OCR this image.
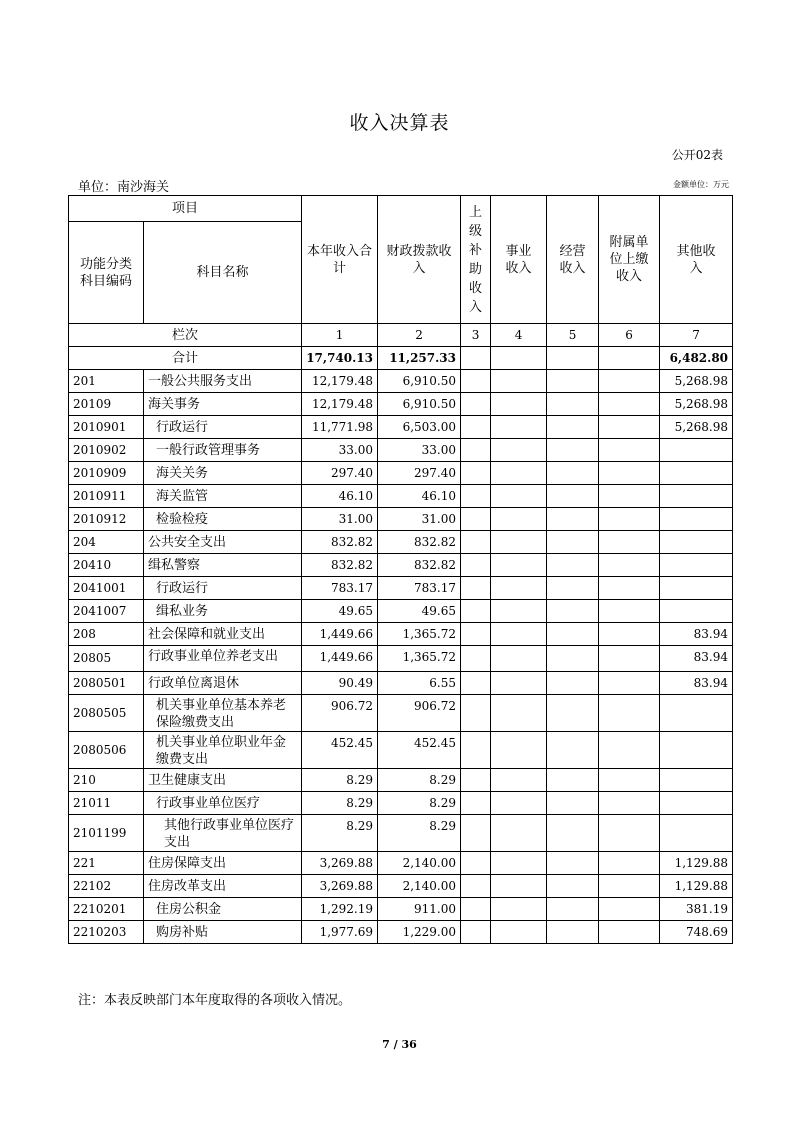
收入决算表
公开02表
单位：南沙海关	金额单位：万元
项目		本年收入合计	财政拨款收入	上级补助收入	事业收入	经营收入	附属单位上缴收入	其他收入
功能分类科目编码	科目名称							
栏次		1	2	3	4	5	6	7
合计		17,740.13	11,257.33					6,482.80
201	一般公共服务支出	12,179.48	6,910.50					5,268.98
20109	海关事务	12,179.48	6,910.50					5,268.98
2010901	行政运行	11,771.98	6,503.00					5,268.98
2010902	一般行政管理事务	33.00	33.00					
2010909	海关关务	297.40	297.40					
2010911	海关监管	46.10	46.10					
2010912	检验检疫	31.00	31.00					
204	公共安全支出	832.82	832.82					
20410	缉私警察	832.82	832.82					
2041001	行政运行	783.17	783.17					
2041007	缉私业务	49.65	49.65					
208	社会保障和就业支出	1,449.66	1,365.72					83.94
20805	行政事业单位养老支出	1,449.66	1,365.72					83.94
2080501	行政单位离退休	90.49	6.55					83.94
2080505	机关事业单位基本养老保险缴费支出	906.72	906.72					
2080506	机关事业单位职业年金缴费支出	452.45	452.45					
210	卫生健康支出	8.29	8.29					
21011	行政事业单位医疗	8.29	8.29					
2101199	其他行政事业单位医疗支出	8.29	8.29					
221	住房保障支出	3,269.88	2,140.00					1,129.88
22102	住房改革支出	3,269.88	2,140.00					1,129.88
2210201	住房公积金	1,292.19	911.00					381.19
2210203	购房补贴	1,977.69	1,229.00					748.69
注：本表反映部门本年度取得的各项收入情况。
7 / 36
